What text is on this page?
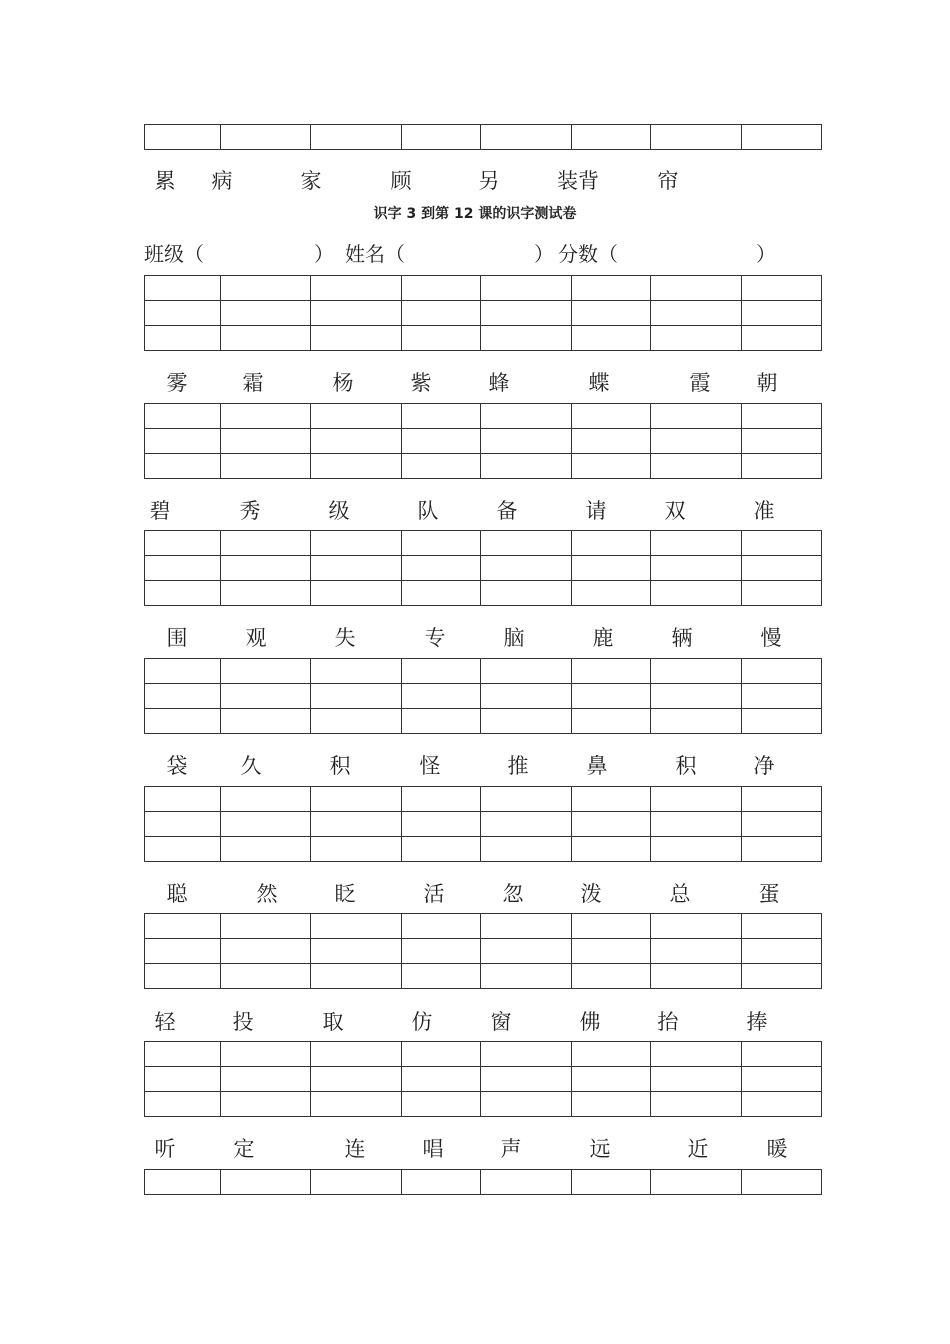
累 病	家	顾	另	装背	帘
识字 3 到第 12 课的识字测试卷
班级（	） 姓名（	） 分数（	）

雾	霜	杨	紫	蜂	蝶	霞 朝

碧	秀	级	队	备	请	双	准

围	观	失	专	脑	鹿	辆	慢

袋	久	积	怪	推	鼻	积	净

聪	然	眨	活	忽	泼	总	蛋

轻	投	取	仿	窗	佛	抬	捧

听	定	连	唱	声	远	近	暖
